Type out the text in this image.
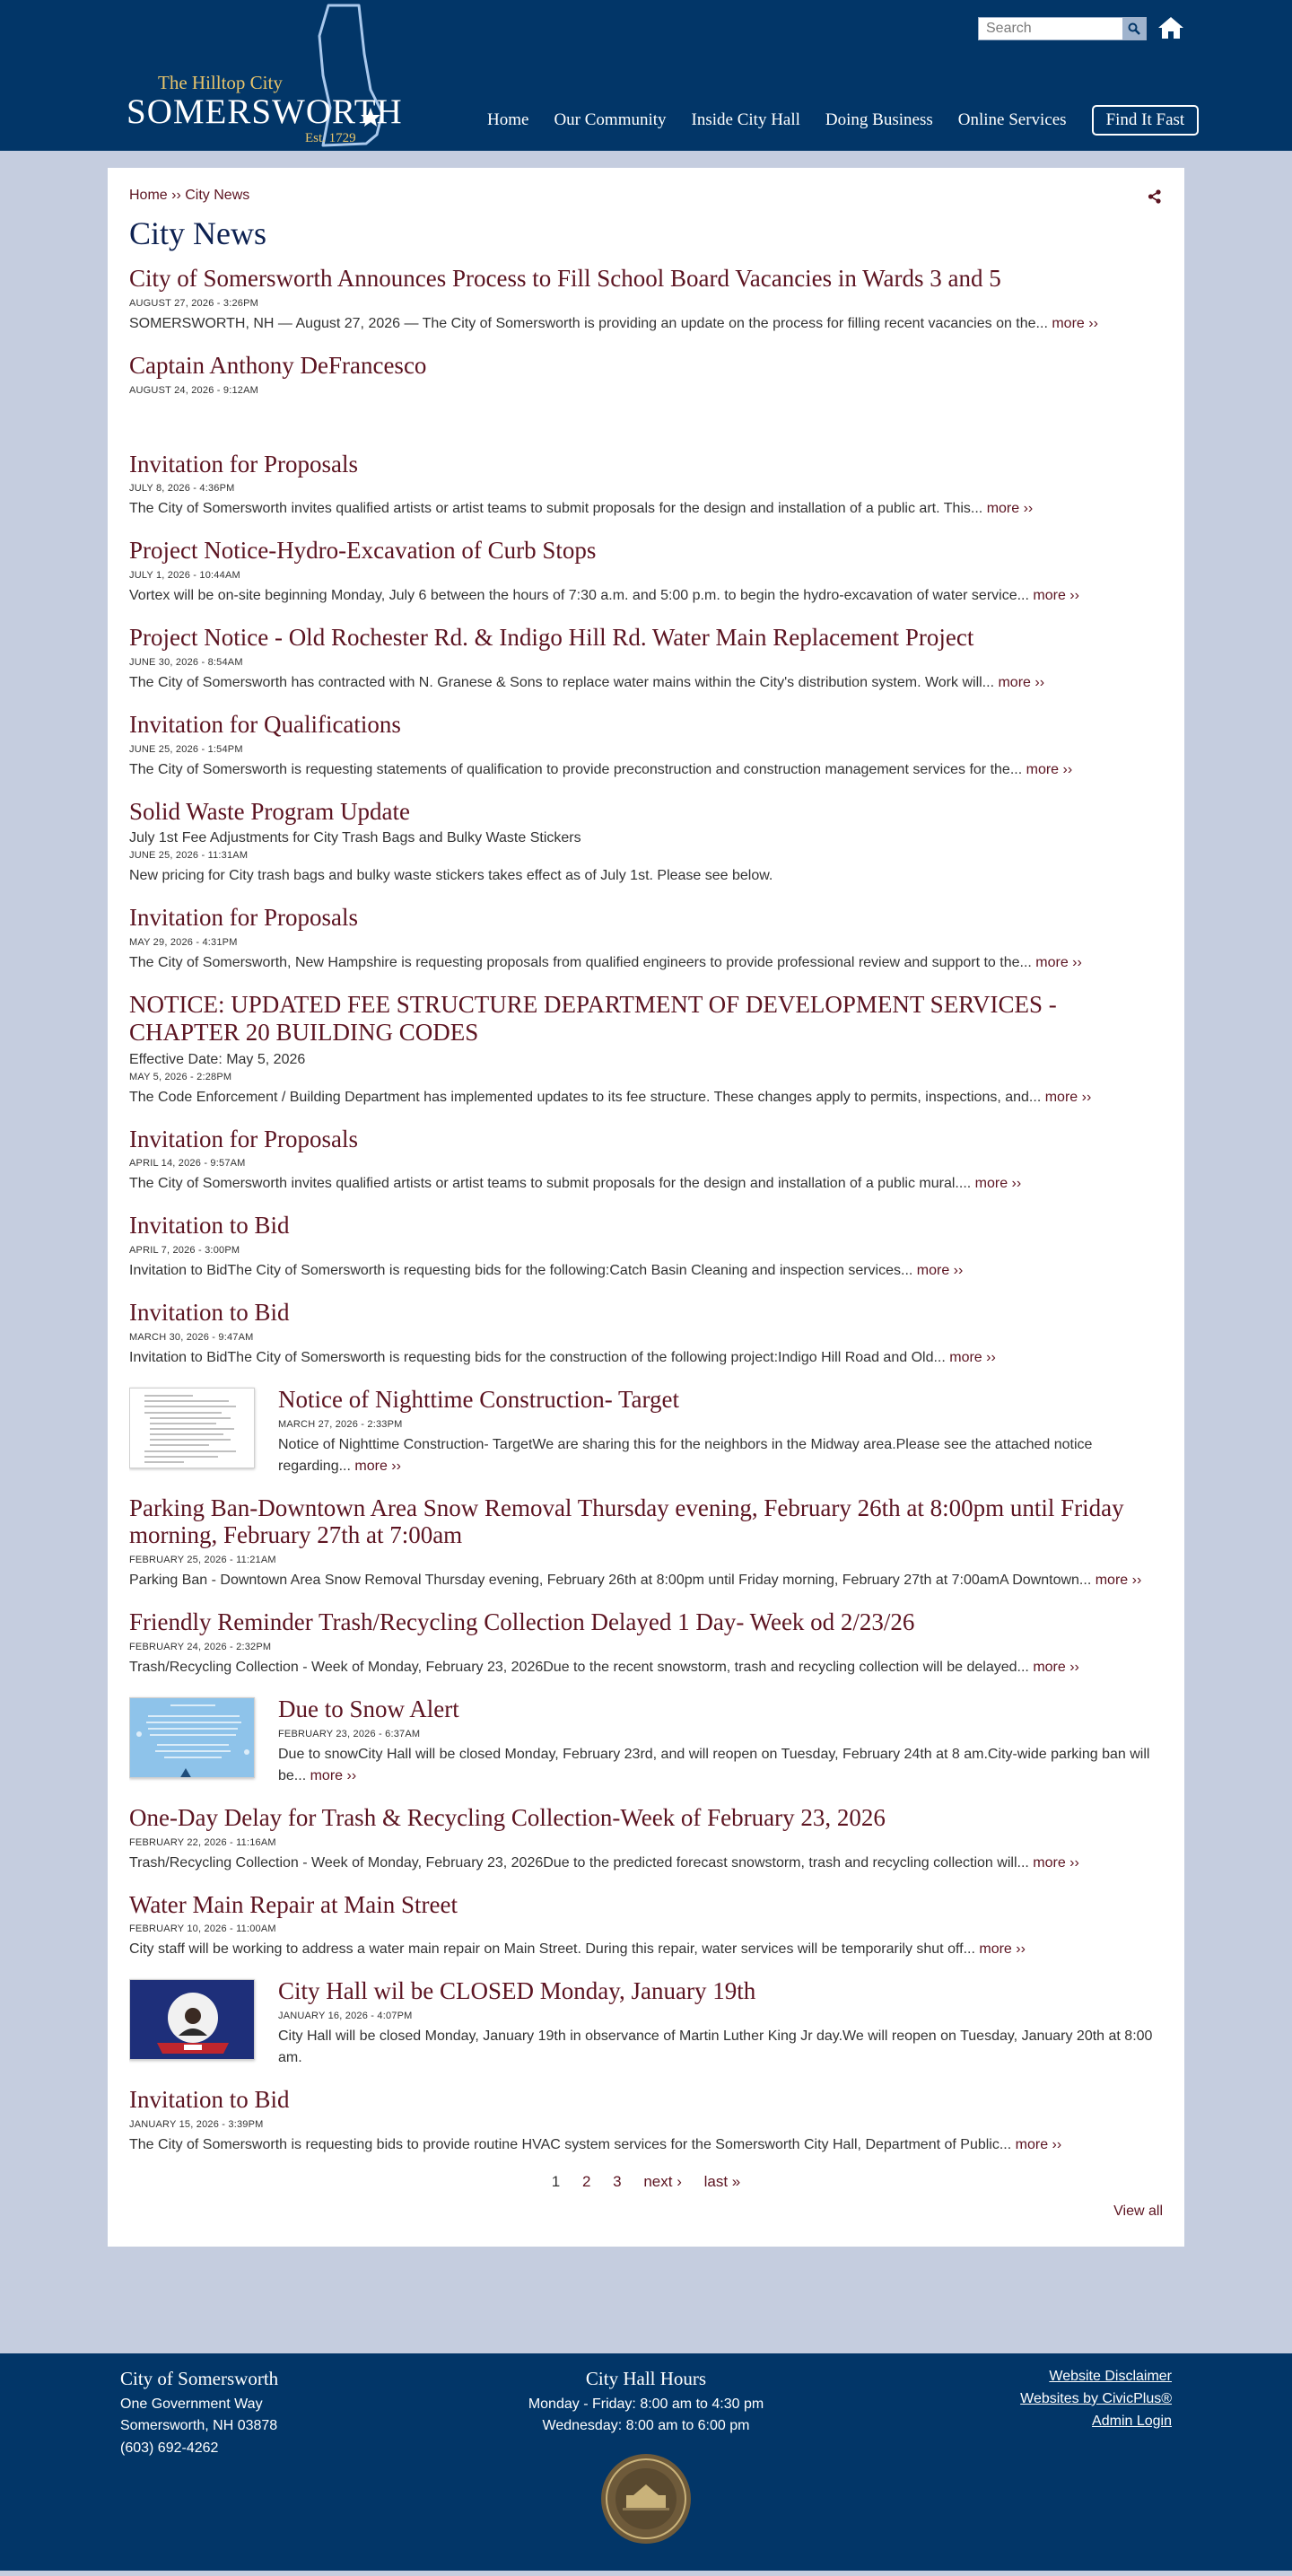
The Hilltop City
SOMERSWORTH
Est. 1729
Search
Home Our Community Inside City Hall Doing Business Online Services	Find It Fast
Home ›› City News
City News
City of Somersworth Announces Process to Fill School Board Vacancies in Wards 3 and 5
AUGUST 27, 2026 - 3:26PM
SOMERSWORTH, NH — August 27, 2026 — The City of Somersworth is providing an update on the process for filling recent vacancies on the... more ››
Captain Anthony DeFrancesco
AUGUST 24, 2026 - 9:12AM
Invitation for Proposals
JULY 8, 2026 - 4:36PM
The City of Somersworth invites qualified artists or artist teams to submit proposals for the design and installation of a public art. This... more ››
Project Notice-Hydro-Excavation of Curb Stops
JULY 1, 2026 - 10:44AM
Vortex will be on-site beginning Monday, July 6 between the hours of 7:30 a.m. and 5:00 p.m. to begin the hydro-excavation of water service... more ››
Project Notice - Old Rochester Rd. & Indigo Hill Rd. Water Main Replacement Project
JUNE 30, 2026 - 8:54AM
The City of Somersworth has contracted with N. Granese & Sons to replace water mains within the City's distribution system. Work will... more ››
Invitation for Qualifications
JUNE 25, 2026 - 1:54PM
The City of Somersworth is requesting statements of qualification to provide preconstruction and construction management services for the... more ››
Solid Waste Program Update
July 1st Fee Adjustments for City Trash Bags and Bulky Waste Stickers
JUNE 25, 2026 - 11:31AM
New pricing for City trash bags and bulky waste stickers takes effect as of July 1st. Please see below.
Invitation for Proposals
MAY 29, 2026 - 4:31PM
The City of Somersworth, New Hampshire is requesting proposals from qualified engineers to provide professional review and support to the... more ››
NOTICE: UPDATED FEE STRUCTURE DEPARTMENT OF DEVELOPMENT SERVICES - CHAPTER 20 BUILDING CODES
Effective Date: May 5, 2026
MAY 5, 2026 - 2:28PM
The Code Enforcement / Building Department has implemented updates to its fee structure. These changes apply to permits, inspections, and... more ››
Invitation for Proposals
APRIL 14, 2026 - 9:57AM
The City of Somersworth invites qualified artists or artist teams to submit proposals for the design and installation of a public mural.... more ››
Invitation to Bid
APRIL 7, 2026 - 3:00PM
Invitation to BidThe City of Somersworth is requesting bids for the following:Catch Basin Cleaning and inspection services... more ››
Invitation to Bid
MARCH 30, 2026 - 9:47AM
Invitation to BidThe City of Somersworth is requesting bids for the construction of the following project:Indigo Hill Road and Old... more ››
Notice of Nighttime Construction- Target
MARCH 27, 2026 - 2:33PM
Notice of Nighttime Construction- TargetWe are sharing this for the neighbors in the Midway area.Please see the attached notice regarding... more ››
Parking Ban-Downtown Area Snow Removal Thursday evening, February 26th at 8:00pm until Friday morning, February 27th at 7:00am
FEBRUARY 25, 2026 - 11:21AM
Parking Ban - Downtown Area Snow Removal Thursday evening, February 26th at 8:00pm until Friday morning, February 27th at 7:00amA Downtown... more ››
Friendly Reminder Trash/Recycling Collection Delayed 1 Day- Week od 2/23/26
FEBRUARY 24, 2026 - 2:32PM
Trash/Recycling Collection - Week of Monday, February 23, 2026Due to the recent snowstorm, trash and recycling collection will be delayed... more ››
Due to Snow Alert
FEBRUARY 23, 2026 - 6:37AM
Due to snowCity Hall will be closed Monday, February 23rd, and will reopen on Tuesday, February 24th at 8 am.City-wide parking ban will be... more ››
One-Day Delay for Trash & Recycling Collection-Week of February 23, 2026
FEBRUARY 22, 2026 - 11:16AM
Trash/Recycling Collection - Week of Monday, February 23, 2026Due to the predicted forecast snowstorm, trash and recycling collection will... more ››
Water Main Repair at Main Street
FEBRUARY 10, 2026 - 11:00AM
City staff will be working to address a water main repair on Main Street. During this repair, water services will be temporarily shut off... more ››
City Hall wil be CLOSED Monday, January 19th
JANUARY 16, 2026 - 4:07PM
City Hall will be closed Monday, January 19th in observance of Martin Luther King Jr day.We will reopen on Tuesday, January 20th at 8:00 am.
Invitation to Bid
JANUARY 15, 2026 - 3:39PM
The City of Somersworth is requesting bids to provide routine HVAC system services for the Somersworth City Hall, Department of Public... more ››
1 2 3 next › last »
View all
City of Somersworth
One Government Way
Somersworth, NH 03878
(603) 692-4262
City Hall Hours
Monday - Friday: 8:00 am to 4:30 pm
Wednesday: 8:00 am to 6:00 pm
Website Disclaimer
Websites by CivicPlus®
Admin Login
